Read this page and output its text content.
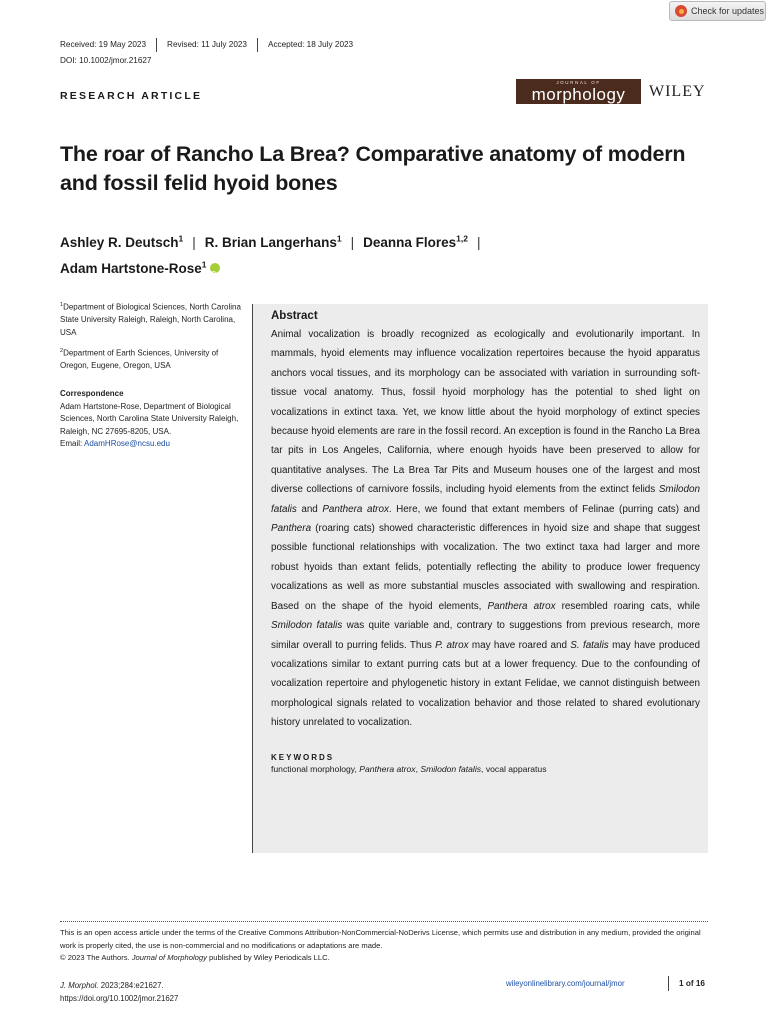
Check for updates
Received: 19 May 2023	Revised: 11 July 2023	Accepted: 18 July 2023
DOI: 10.1002/jmor.21627
RESEARCH ARTICLE
JOURNAL OF
morphology	WILEY
The roar of Rancho La Brea? Comparative anatomy of modern and fossil felid hyoid bones
Ashley R. Deutsch$^1$ | R. Brian Langerhans$^1$ | Deanna Flores$^{1,2}$ |
Adam Hartstone-Rose$^1$iD
$^1$Department of Biological Sciences, North Carolina State University Raleigh, Raleigh, North Carolina, USA
$^2$Department of Earth Sciences, University of Oregon, Eugene, Oregon, USA
Correspondence
Adam Hartstone-Rose, Department of Biological Sciences, North Carolina State University Raleigh, Raleigh, NC 27695-8205, USA.
Email: AdamHRose@ncsu.edu
Abstract

Animal vocalization is broadly recognized as ecologically and evolutionarily important. In mammals, hyoid elements may influence vocalization repertoires because the hyoid apparatus anchors vocal tissues, and its morphology can be associated with variation in surrounding soft-tissue vocal anatomy. Thus, fossil hyoid morphology has the potential to shed light on vocalizations in extinct taxa. Yet, we know little about the hyoid morphology of extinct species because hyoid elements are rare in the fossil record. An exception is found in the Rancho La Brea tar pits in Los Angeles, California, where enough hyoids have been preserved to allow for quantitative analyses. The La Brea Tar Pits and Museum houses one of the largest and most diverse collections of carnivore fossils, including hyoid elements from the extinct felids Smilodon fatalis and Panthera atrox. Here, we found that extant members of Felinae (purring cats) and Panthera (roaring cats) showed characteristic differences in hyoid size and shape that suggest possible functional relationships with vocalization. The two extinct taxa had larger and more robust hyoids than extant felids, potentially reflecting the ability to produce lower frequency vocalizations as well as more substantial muscles associated with swallowing and respiration. Based on the shape of the hyoid elements, Panthera atrox resembled roaring cats, while Smilodon fatalis was quite variable and, contrary to suggestions from previous research, more similar overall to purring felids. Thus P. atrox may have roared and S. fatalis may have produced vocalizations similar to extant purring cats but at a lower frequency. Due to the confounding of vocalization repertoire and phylogenetic history in extant Felidae, we cannot distinguish between morphological signals related to vocalization behavior and those related to shared evolutionary history unrelated to vocalization.

KEYWORDS
functional morphology, Panthera atrox, Smilodon fatalis, vocal apparatus
This is an open access article under the terms of the Creative Commons Attribution-NonCommercial-NoDerivs License, which permits use and distribution in any medium, provided the original work is properly cited, the use is non-commercial and no modifications or adaptations are made.
© 2023 The Authors. Journal of Morphology published by Wiley Periodicals LLC.
J. Morphol. 2023;284:e21627.
https://doi.org/10.1002/jmor.21627
wileyonlinelibrary.com/journal/jmor	1 of 16
